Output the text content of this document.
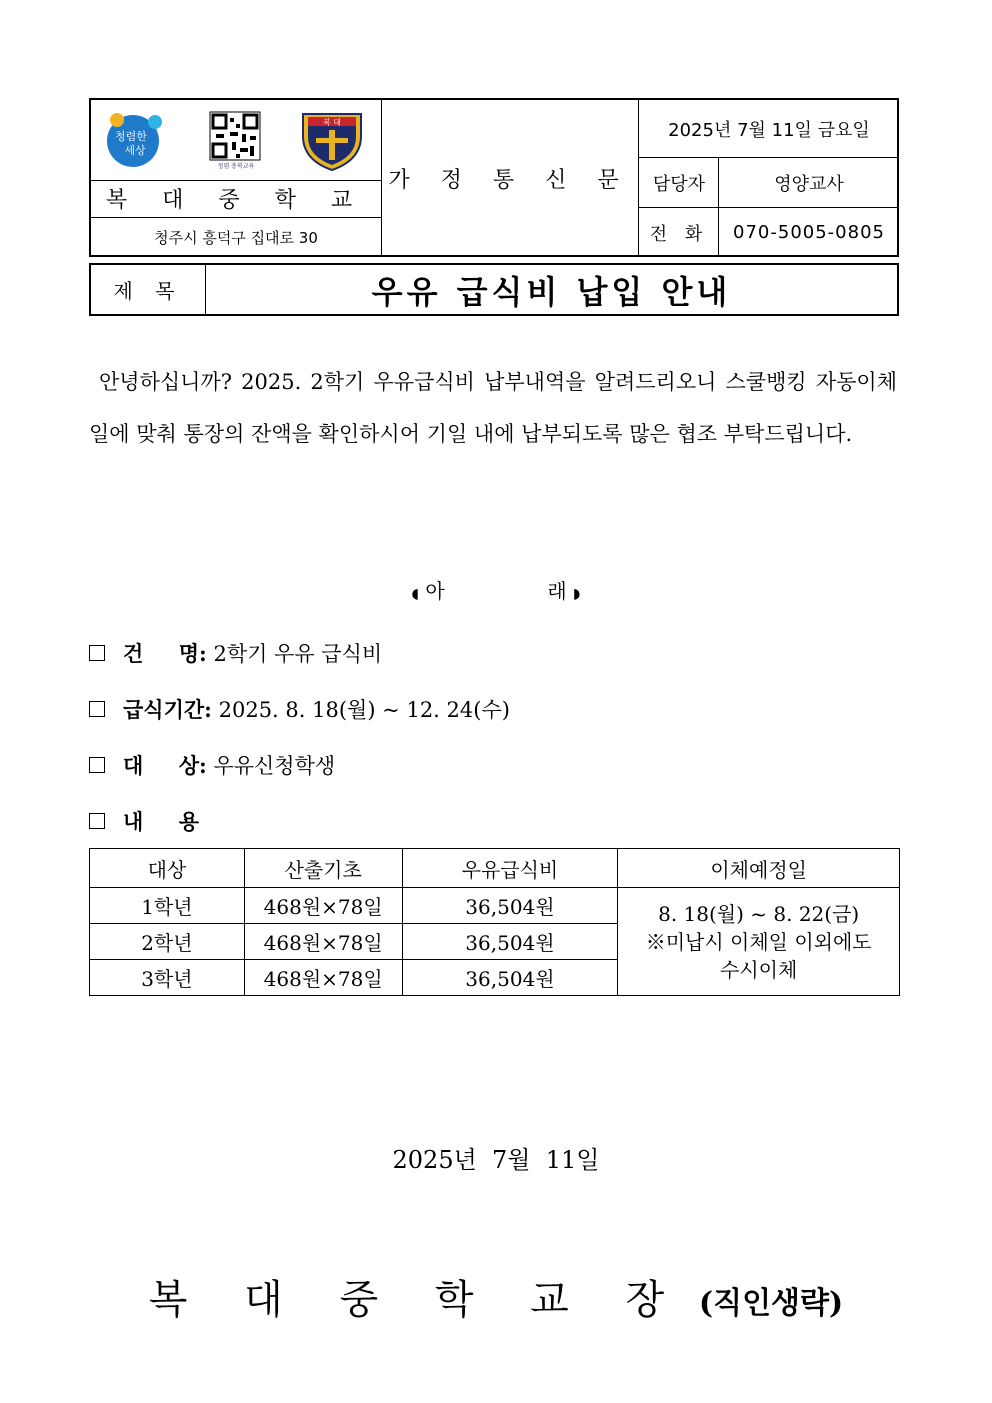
청렴한
세상
청렴 충북교육
복 대
복 대 중 학 교
청주시 흥덕구 집대로 30
가 정 통 신 문
2025년 7월 11일 금요일
담당자	영양교사
전 화	070-5005-0805
제 목	우유 급식비 납입 안내
안녕하십니까? 2025. 2학기 우유급식비 납부내역을 알려드리오니 스쿨뱅킹 자동이체일에 맞춰 통장의 잔액을 확인하시어 기일 내에 납부되도록 많은 협조 부탁드립니다.
◖ 아	래 ◗
건 명 :
2학기 우유 급식비
급식기간 :
2025. 8. 18(월) ~ 12. 24(수)
대 상 :
우유신청학생
내 용
대상	산출기초	우유급식비	이체예정일
1학년	468원×78일	36,504원	8. 18(월) ~ 8. 22(금)
※미납시 이체일 이외에도
수시이체

2학년	468원×78일	36,504원	
3학년	468원×78일	36,504원	
2025년  7월  11일
복 대 중 학 교 장 (직인생략)
